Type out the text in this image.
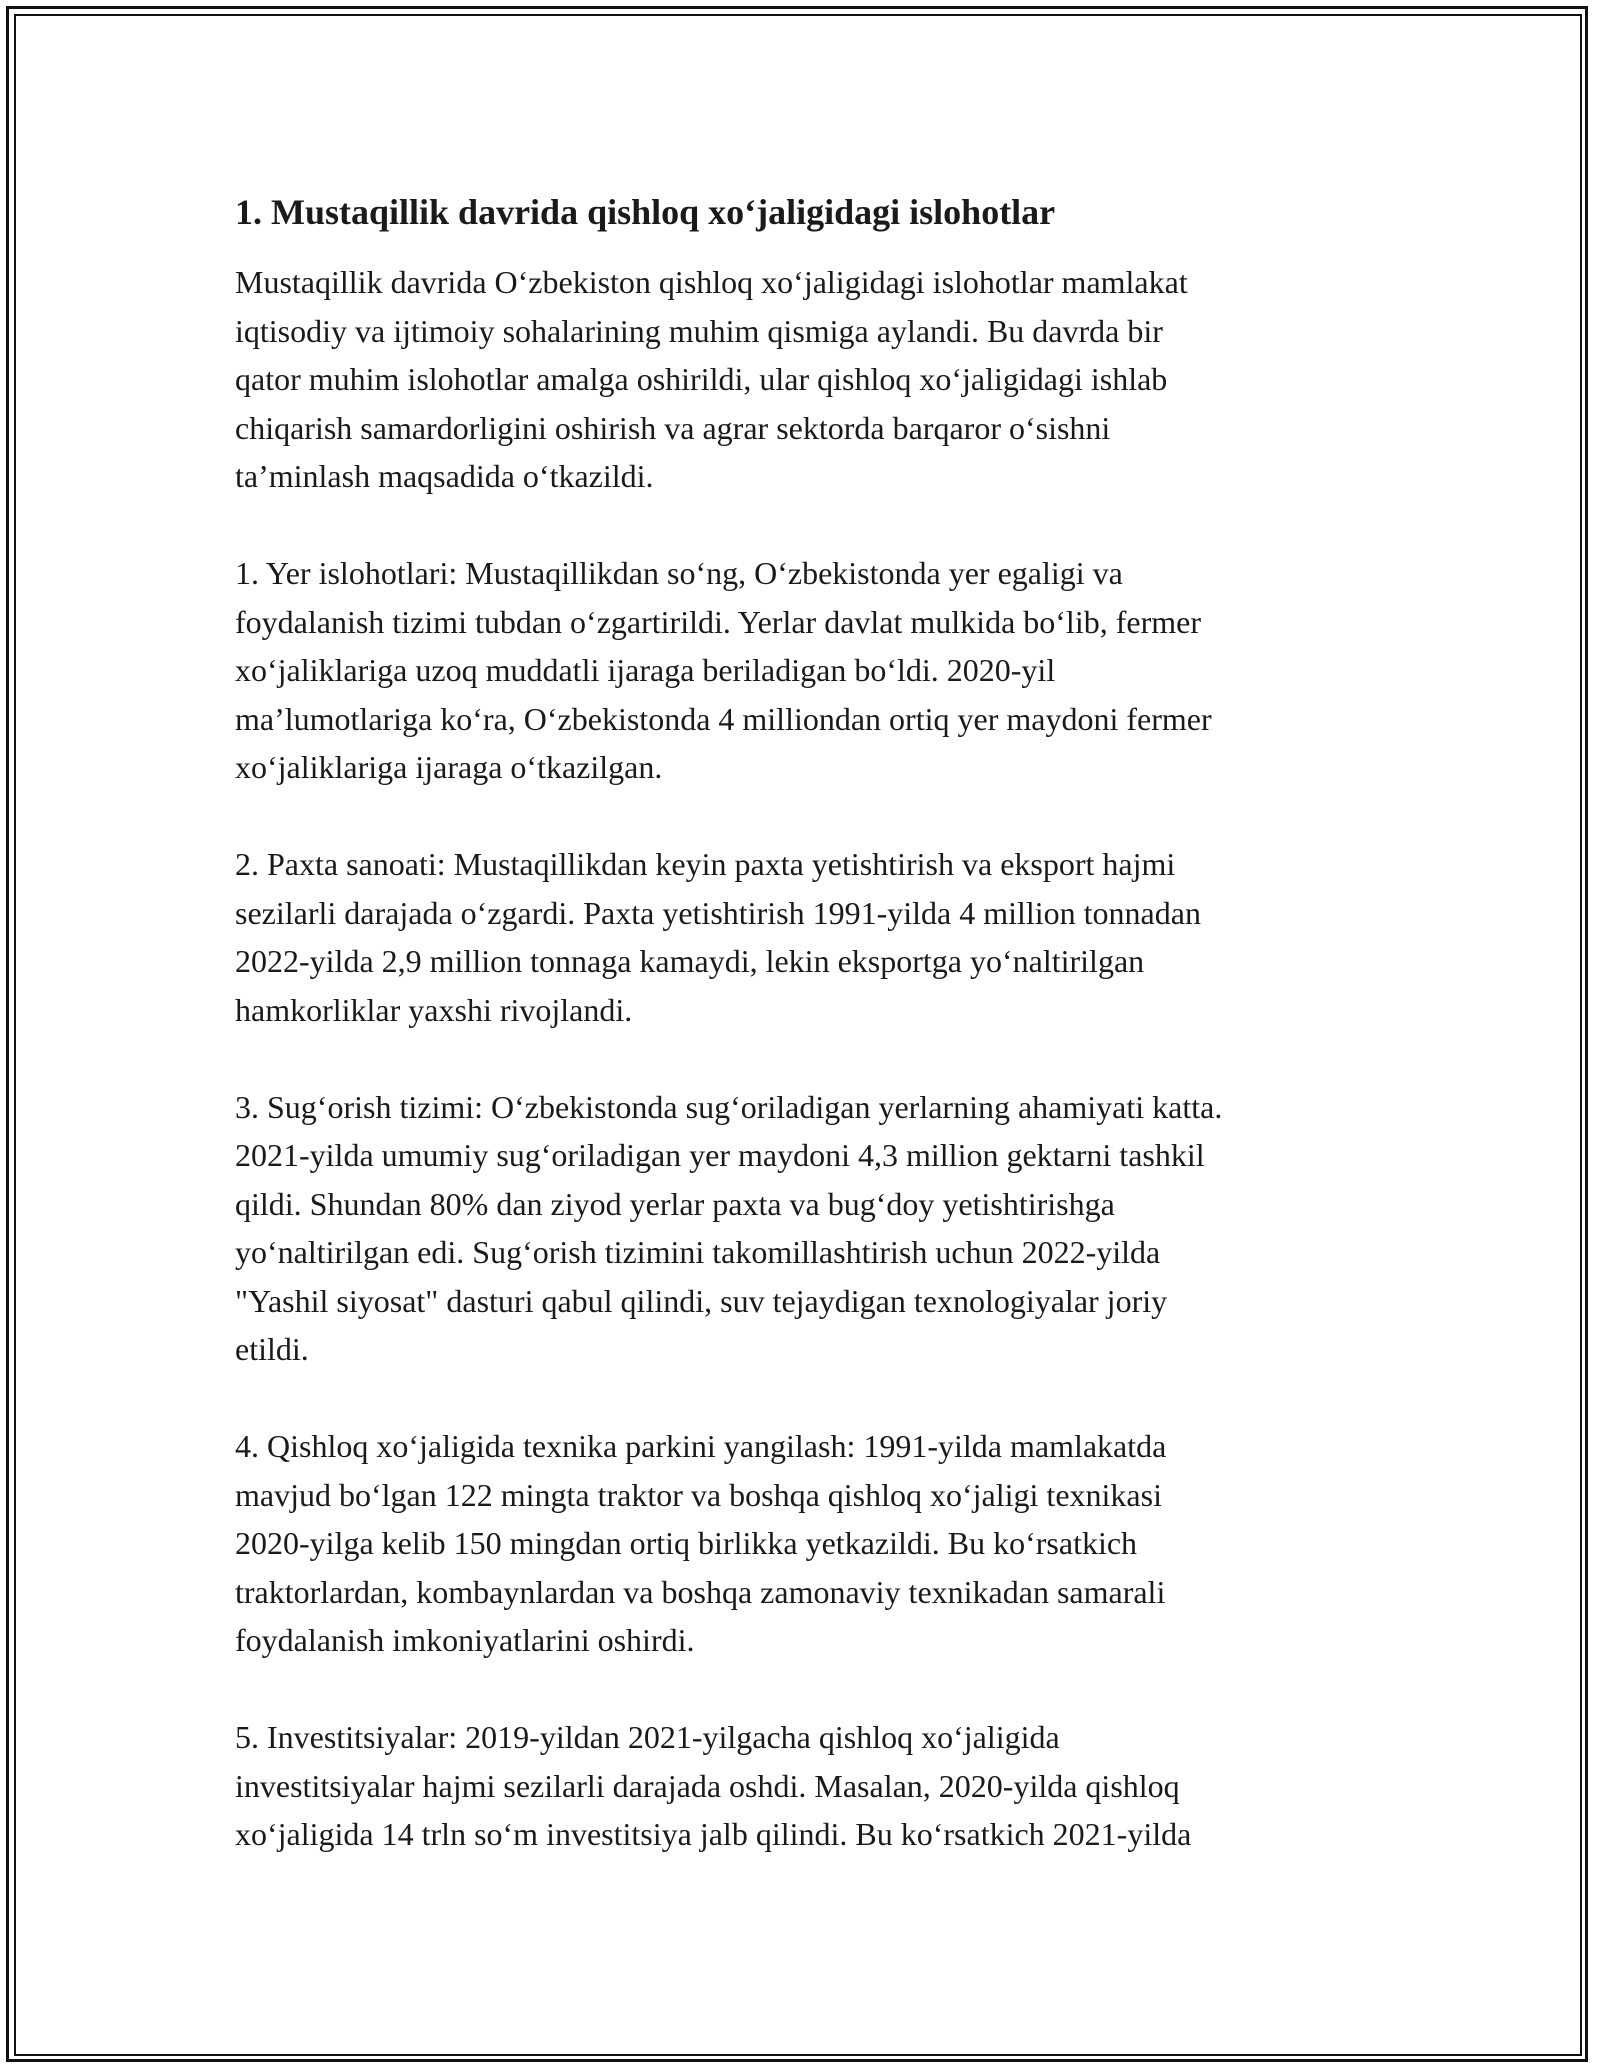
1. Mustaqillik davrida qishloq xo‘jaligidagi islohotlar
Mustaqillik davrida O‘zbekiston qishloq xo‘jaligidagi islohotlar mamlakat
iqtisodiy va ijtimoiy sohalarining muhim qismiga aylandi. Bu davrda bir
qator muhim islohotlar amalga oshirildi, ular qishloq xo‘jaligidagi ishlab
chiqarish samardorligini oshirish va agrar sektorda barqaror o‘sishni
ta’minlash maqsadida o‘tkazildi.
1. Yer islohotlari: Mustaqillikdan so‘ng, O‘zbekistonda yer egaligi va
foydalanish tizimi tubdan o‘zgartirildi. Yerlar davlat mulkida bo‘lib, fermer
xo‘jaliklariga uzoq muddatli ijaraga beriladigan bo‘ldi. 2020-yil
ma’lumotlariga ko‘ra, O‘zbekistonda 4 milliondan ortiq yer maydoni fermer
xo‘jaliklariga ijaraga o‘tkazilgan.
2. Paxta sanoati: Mustaqillikdan keyin paxta yetishtirish va eksport hajmi
sezilarli darajada o‘zgardi. Paxta yetishtirish 1991-yilda 4 million tonnadan
2022-yilda 2,9 million tonnaga kamaydi, lekin eksportga yo‘naltirilgan
hamkorliklar yaxshi rivojlandi.
3. Sug‘orish tizimi: O‘zbekistonda sug‘oriladigan yerlarning ahamiyati katta.
2021-yilda umumiy sug‘oriladigan yer maydoni 4,3 million gektarni tashkil
qildi. Shundan 80% dan ziyod yerlar paxta va bug‘doy yetishtirishga
yo‘naltirilgan edi. Sug‘orish tizimini takomillashtirish uchun 2022-yilda
"Yashil siyosat" dasturi qabul qilindi, suv tejaydigan texnologiyalar joriy
etildi.
4. Qishloq xo‘jaligida texnika parkini yangilash: 1991-yilda mamlakatda
mavjud bo‘lgan 122 mingta traktor va boshqa qishloq xo‘jaligi texnikasi
2020-yilga kelib 150 mingdan ortiq birlikka yetkazildi. Bu ko‘rsatkich
traktorlardan, kombaynlardan va boshqa zamonaviy texnikadan samarali
foydalanish imkoniyatlarini oshirdi.
5. Investitsiyalar: 2019-yildan 2021-yilgacha qishloq xo‘jaligida
investitsiyalar hajmi sezilarli darajada oshdi. Masalan, 2020-yilda qishloq
xo‘jaligida 14 trln so‘m investitsiya jalb qilindi. Bu ko‘rsatkich 2021-yilda
